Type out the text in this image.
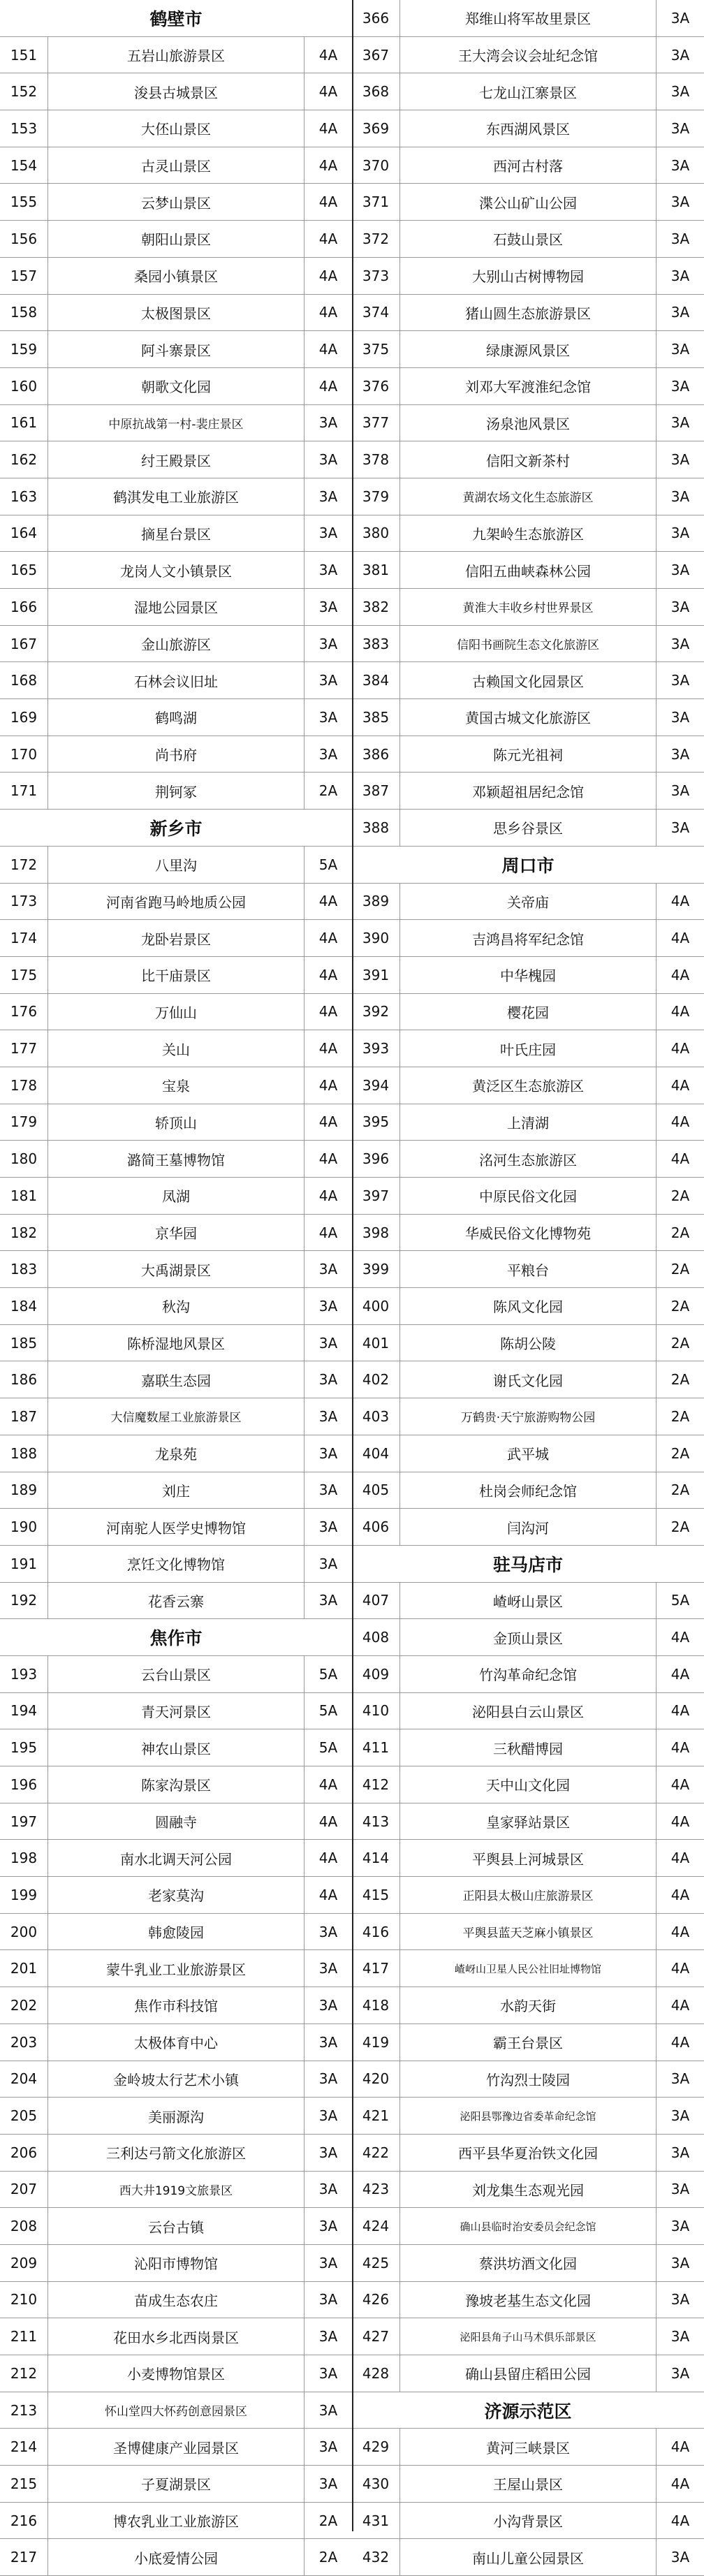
鹤壁市
151	五岩山旅游景区	4A
152	浚县古城景区	4A
153	大伾山景区	4A
154	古灵山景区	4A
155	云梦山景区	4A
156	朝阳山景区	4A
157	桑园小镇景区	4A
158	太极图景区	4A
159	阿斗寨景区	4A
160	朝歌文化园	4A
161	中原抗战第一村-裴庄景区	3A
162	纣王殿景区	3A
163	鹤淇发电工业旅游区	3A
164	摘星台景区	3A
165	龙岗人文小镇景区	3A
166	湿地公园景区	3A
167	金山旅游区	3A
168	石林会议旧址	3A
169	鹤鸣湖	3A
170	尚书府	3A
171	荆钶冢	2A
新乡市
172	八里沟	5A
173	河南省跑马岭地质公园	4A
174	龙卧岩景区	4A
175	比干庙景区	4A
176	万仙山	4A
177	关山	4A
178	宝泉	4A
179	轿顶山	4A
180	潞简王墓博物馆	4A
181	凤湖	4A
182	京华园	4A
183	大禹湖景区	3A
184	秋沟	3A
185	陈桥湿地风景区	3A
186	嘉联生态园	3A
187	大信魔数屋工业旅游景区	3A
188	龙泉苑	3A
189	刘庄	3A
190	河南驼人医学史博物馆	3A
191	烹饪文化博物馆	3A
192	花香云寨	3A
焦作市
193	云台山景区	5A
194	青天河景区	5A
195	神农山景区	5A
196	陈家沟景区	4A
197	圆融寺	4A
198	南水北调天河公园	4A
199	老家莫沟	4A
200	韩愈陵园	3A
201	蒙牛乳业工业旅游景区	3A
202	焦作市科技馆	3A
203	太极体育中心	3A
204	金岭坡太行艺术小镇	3A
205	美丽源沟	3A
206	三利达弓箭文化旅游区	3A
207	西大井1919文旅景区	3A
208	云台古镇	3A
209	沁阳市博物馆	3A
210	苗成生态农庄	3A
211	花田水乡北西岗景区	3A
212	小麦博物馆景区	3A
213	怀山堂四大怀药创意园景区	3A
214	圣博健康产业园景区	3A
215	子夏湖景区	3A
216	博农乳业工业旅游区	2A
217	小底爱情公园	2A
366	郑维山将军故里景区	3A
367	王大湾会议会址纪念馆	3A
368	七龙山江寨景区	3A
369	东西湖风景区	3A
370	西河古村落	3A
371	渫公山矿山公园	3A
372	石鼓山景区	3A
373	大别山古树博物园	3A
374	猪山圆生态旅游景区	3A
375	绿康源风景区	3A
376	刘邓大军渡淮纪念馆	3A
377	汤泉池风景区	3A
378	信阳文新茶村	3A
379	黄湖农场文化生态旅游区	3A
380	九架岭生态旅游区	3A
381	信阳五曲峡森林公园	3A
382	黄淮大丰收乡村世界景区	3A
383	信阳书画院生态文化旅游区	3A
384	古赖国文化园景区	3A
385	黄国古城文化旅游区	3A
386	陈元光祖祠	3A
387	邓颖超祖居纪念馆	3A
388	思乡谷景区	3A
周口市
389	关帝庙	4A
390	吉鸿昌将军纪念馆	4A
391	中华槐园	4A
392	樱花园	4A
393	叶氏庄园	4A
394	黄泛区生态旅游区	4A
395	上清湖	4A
396	洺河生态旅游区	4A
397	中原民俗文化园	2A
398	华威民俗文化博物苑	2A
399	平粮台	2A
400	陈风文化园	2A
401	陈胡公陵	2A
402	谢氏文化园	2A
403	万鹤贵·天宁旅游购物公园	2A
404	武平城	2A
405	杜岗会师纪念馆	2A
406	闫沟河	2A
驻马店市
407	嵖岈山景区	5A
408	金顶山景区	4A
409	竹沟革命纪念馆	4A
410	泌阳县白云山景区	4A
411	三秋醋博园	4A
412	天中山文化园	4A
413	皇家驿站景区	4A
414	平舆县上河城景区	4A
415	正阳县太极山庄旅游景区	4A
416	平舆县蓝天芝麻小镇景区	4A
417	嵖岈山卫星人民公社旧址博物馆	4A
418	水韵天街	4A
419	霸王台景区	4A
420	竹沟烈士陵园	3A
421	泌阳县鄂豫边省委革命纪念馆	3A
422	西平县华夏治铁文化园	3A
423	刘龙集生态观光园	3A
424	确山县临时治安委员会纪念馆	3A
425	蔡洪坊酒文化园	3A
426	豫坡老基生态文化园	3A
427	泌阳县角子山马术俱乐部景区	3A
428	确山县留庄稻田公园	3A
济源示范区
429	黄河三峡景区	4A
430	王屋山景区	4A
431	小沟背景区	4A
432	南山儿童公园景区	3A
